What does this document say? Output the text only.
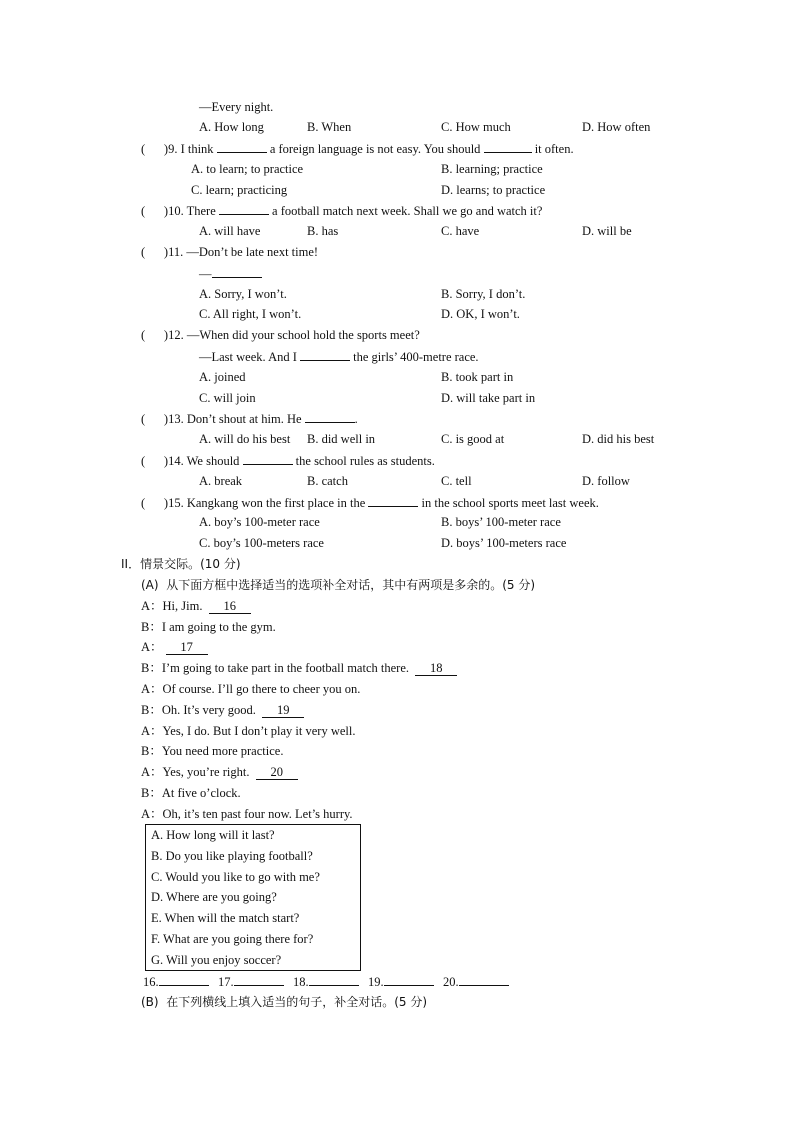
—Every night.
A. How long	B. When	C. How much	D. How often
(      )9. I think	a foreign language is not easy. You should	it often.
A. to learn; to practice	B. learning; practice
C. learn; practicing	D. learns; to practice
(      )10. There	a football match next week. Shall we go and watch it?
A. will have	B. has	C. have	D. will be
(      )11. —Don’t be late next time!
—
A. Sorry, I won’t.	B. Sorry, I don’t.
C. All right, I won’t.	D. OK, I won’t.
(      )12. —When did your school hold the sports meet?
—Last week. And I	the girls’ 400-metre race.
A. joined	B. took part in
C. will join	D. will take part in
(      )13. Don’t shout at him. He	.
A. will do his best B. did well in	C. is good at	D. did his best
(      )14. We should	the school rules as students.
A. break	B. catch	C. tell	D. follow
(      )15. Kangkang won the first place in the	in the school sports meet last week.
A. boy’s 100-meter race	B. boys’ 100-meter race
C. boy’s 100-meters race	D. boys’ 100-meters race
II．情景交际。(10 分)
(A)  从下面方框中选择适当的选项补全对话，其中有两项是多余的。(5 分)
A：Hi, Jim. 16
B：I am going to the gym.
A： 17
B：I’m going to take part in the football match there. 18
A：Of course. I’ll go there to cheer you on.
B：Oh. It’s very good. 19
A：Yes, I do. But I don’t play it very well.
B：You need more practice.
A：Yes, you’re right. 20
B：At five o’clock.
A：Oh, it’s ten past four now. Let’s hurry.
A. How long will it last?
B. Do you like playing football?
C. Would you like to go with me?
D. Where are you going?
E. When will the match start?
F. What are you going there for?
G. Will you enjoy soccer?
16.	17.	18.	19.	20.
(B)  在下列横线上填入适当的句子，补全对话。(5 分)
